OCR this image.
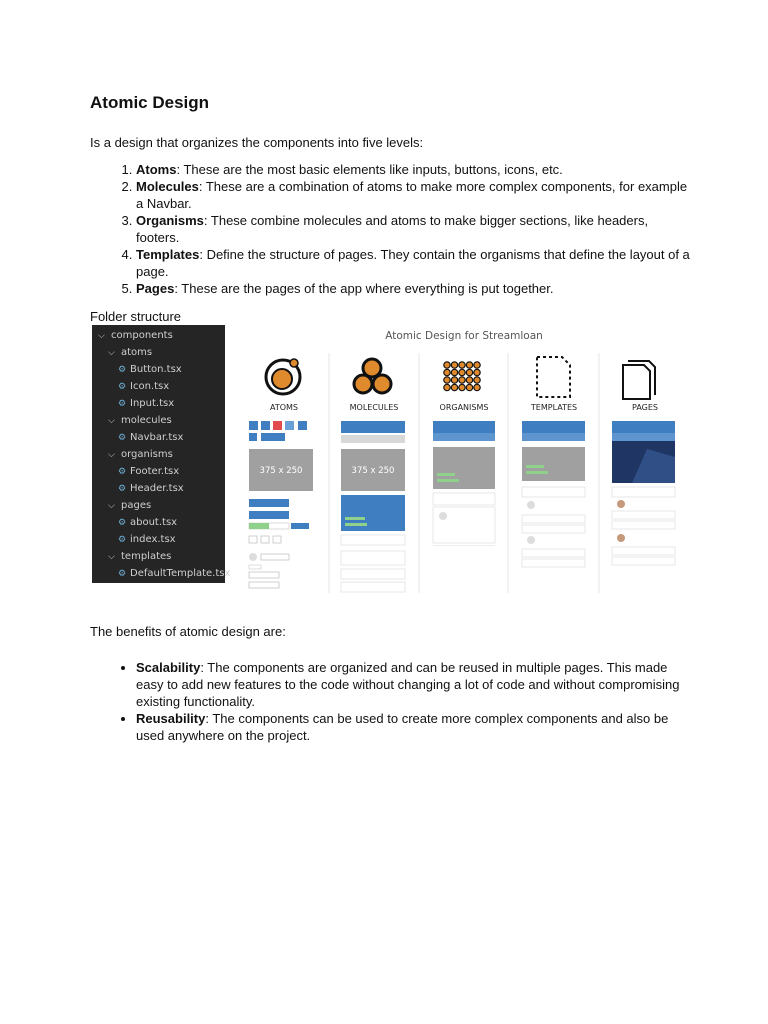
Atomic Design

Is a design that organizes the components into five levels:

1. Atoms: These are the most basic elements like inputs, buttons, icons, etc.
2. Molecules: These are a combination of atoms to make more complex components, for example a Navbar.
3. Organisms: These combine molecules and atoms to make bigger sections, like headers, footers.
4. Templates: Define the structure of pages. They contain the organisms that define the layout of a page.
5. Pages: These are the pages of the app where everything is put together.

Folder structure

⌵ components
⌵ atoms
⚙ Button.tsx
⚙ Icon.tsx
⚙ Input.tsx
⌵ molecules
⚙ Navbar.tsx
⌵ organisms
⚙ Footer.tsx
⚙ Header.tsx
⌵ pages
⚙ about.tsx
⚙ index.tsx
⌵ templates
⚙ DefaultTemplate.tsx
Atomic Design for Streamloan
ATOMS	MOLECULES	ORGANISMS	TEMPLATES	PAGES
375 x 250	375 x 250

The benefits of atomic design are:

• Scalability: The components are organized and can be reused in multiple pages. This made easy to add new features to the code without changing a lot of code and without compromising existing functionality.
• Reusability: The components can be used to create more complex components and also be used anywhere on the project.
